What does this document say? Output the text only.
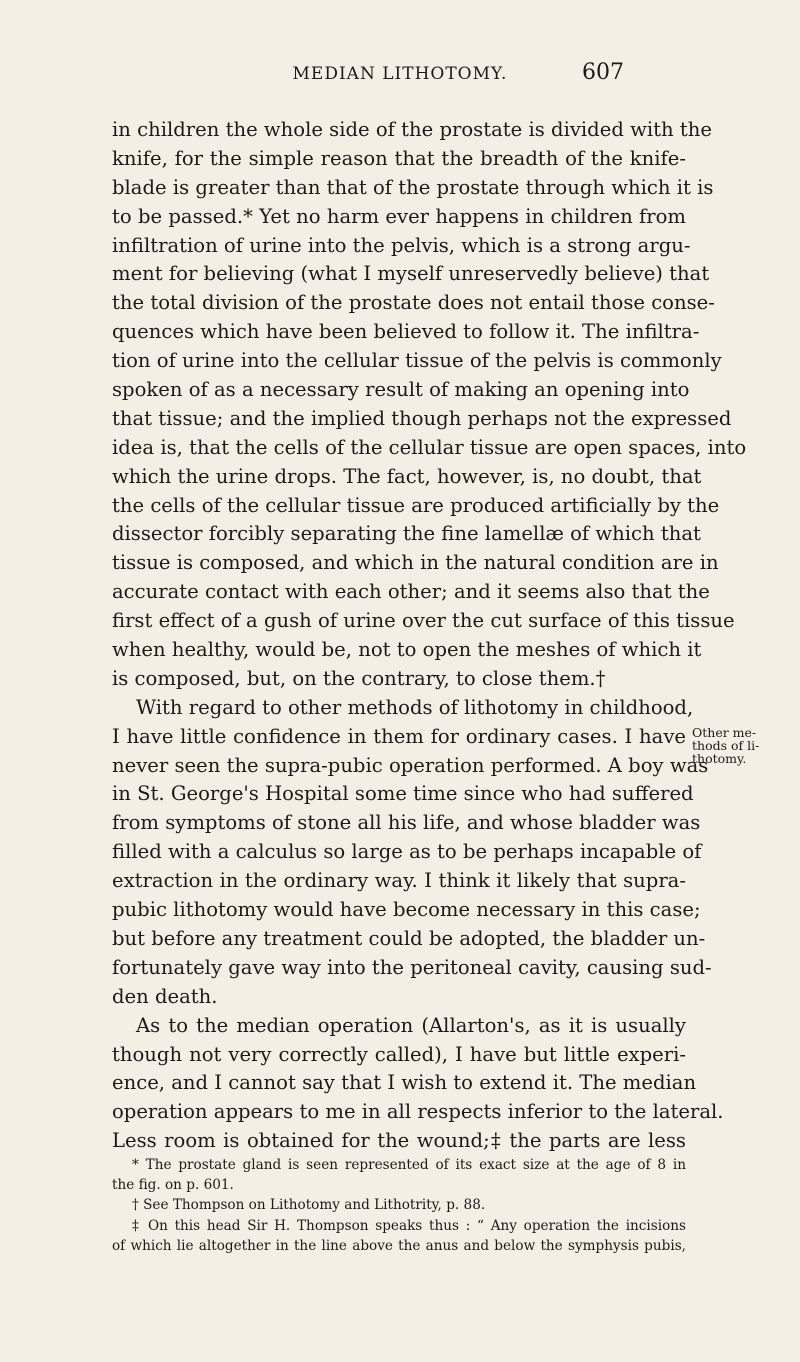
MEDIAN LITHOTOMY.	607
in children the whole side of the prostate is divided with the
knife, for the simple reason that the breadth of the knife-
blade is greater than that of the prostate through which it is
to be passed.* Yet no harm ever happens in children from
infiltration of urine into the pelvis, which is a strong argu-
ment for believing (what I myself unreservedly believe) that
the total division of the prostate does not entail those conse-
quences which have been believed to follow it. The infiltra-
tion of urine into the cellular tissue of the pelvis is commonly
spoken of as a necessary result of making an opening into
that tissue; and the implied though perhaps not the expressed
idea is, that the cells of the cellular tissue are open spaces, into
which the urine drops. The fact, however, is, no doubt, that
the cells of the cellular tissue are produced artificially by the
dissector forcibly separating the fine lamellæ of which that
tissue is composed, and which in the natural condition are in
accurate contact with each other; and it seems also that the
first effect of a gush of urine over the cut surface of this tissue
when healthy, would be, not to open the meshes of which it
is composed, but, on the contrary, to close them.†
With regard to other methods of lithotomy in childhood,
I have little confidence in them for ordinary cases. I have
never seen the supra-pubic operation performed. A boy was
in St. George's Hospital some time since who had suffered
from symptoms of stone all his life, and whose bladder was
filled with a calculus so large as to be perhaps incapable of
extraction in the ordinary way. I think it likely that supra-
pubic lithotomy would have become necessary in this case;
but before any treatment could be adopted, the bladder un-
fortunately gave way into the peritoneal cavity, causing sud-
den death.
As to the median operation (Allarton's, as it is usually
though not very correctly called), I have but little experi-
ence, and I cannot say that I wish to extend it. The median
operation appears to me in all respects inferior to the lateral.
Less room is obtained for the wound;‡ the parts are less
Other me-
thods of li-
thotomy.
* The prostate gland is seen represented of its exact size at the age of 8 in
the fig. on p. 601.
† See Thompson on Lithotomy and Lithotrity, p. 88.
‡ On this head Sir H. Thompson speaks thus : “ Any operation the incisions
of which lie altogether in the line above the anus and below the symphysis pubis,
